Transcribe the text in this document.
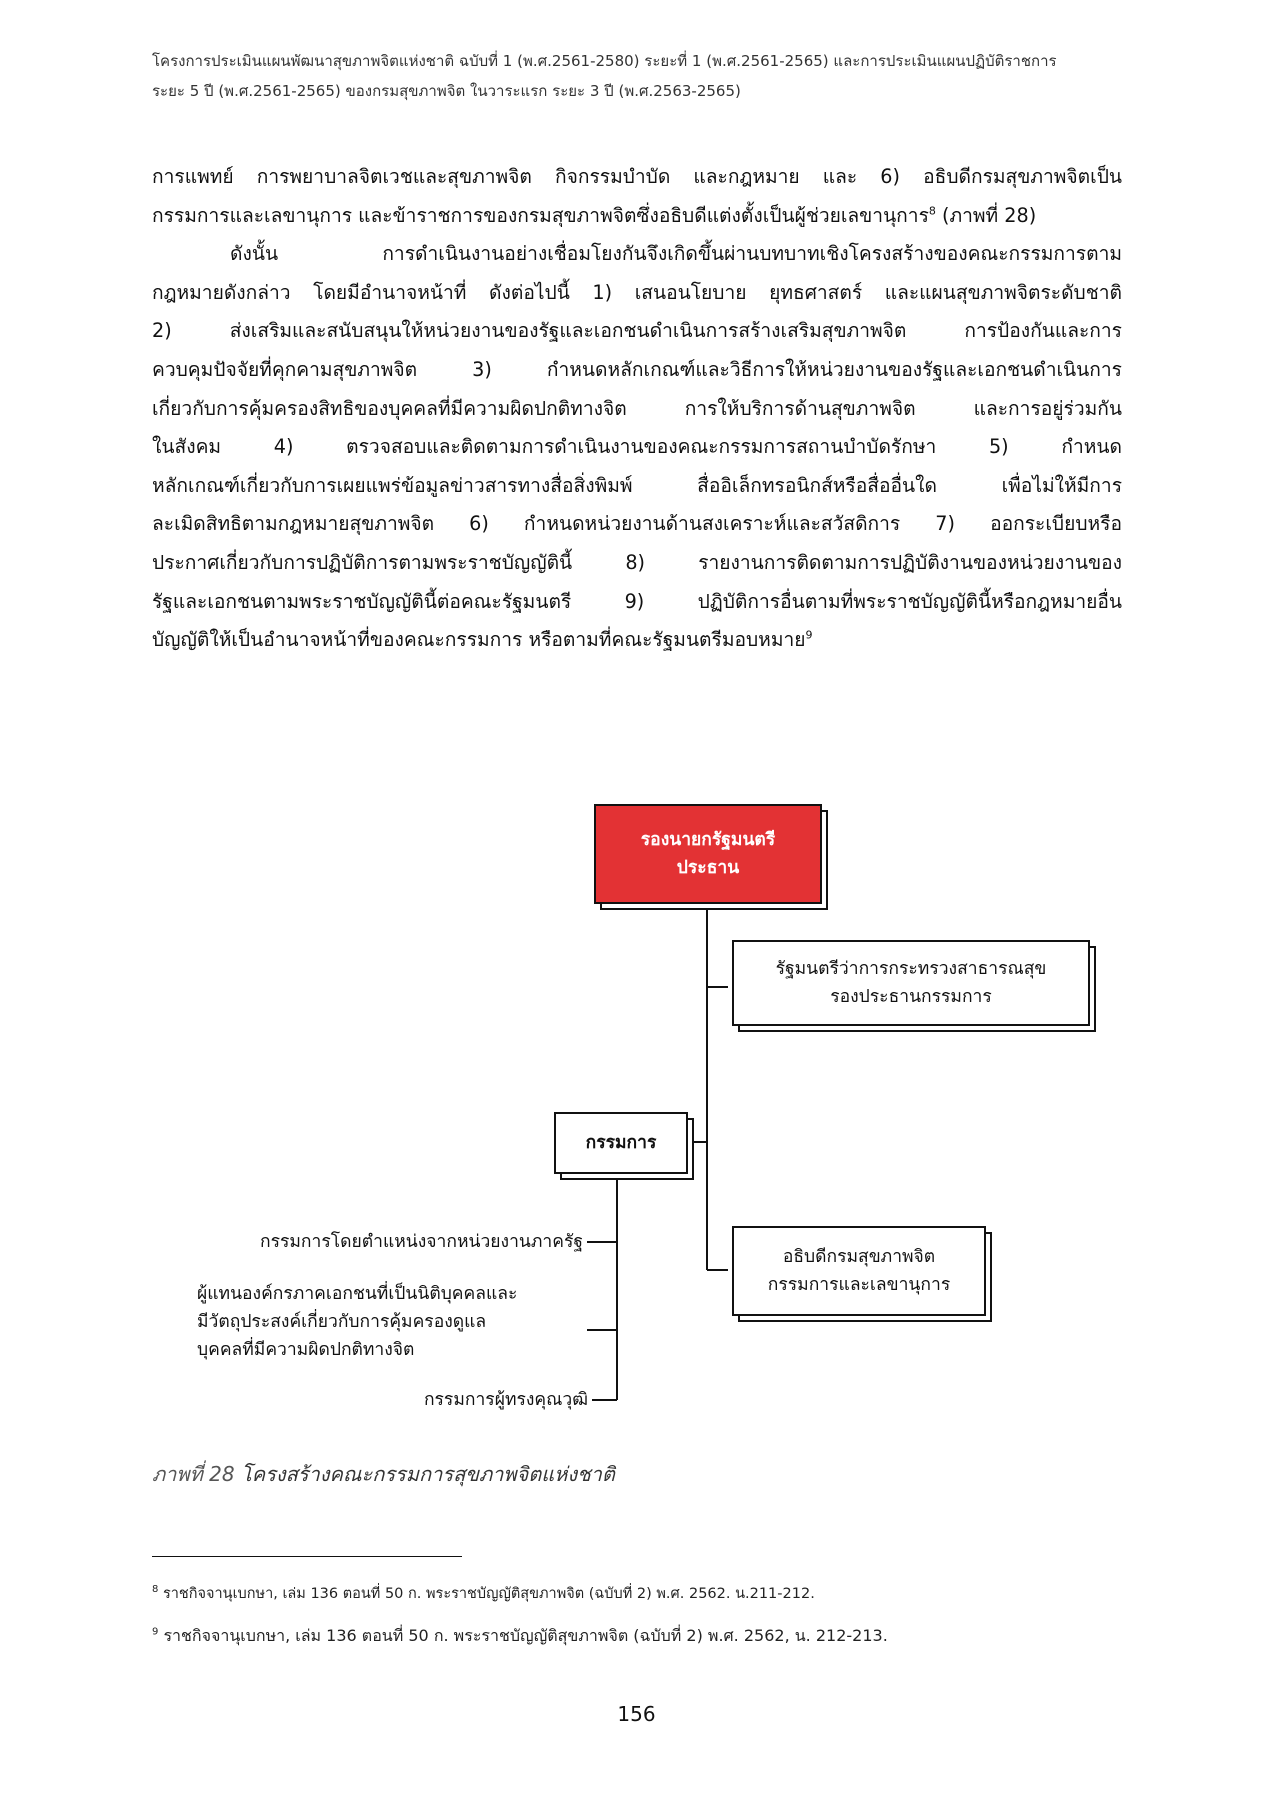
โครงการประเมินแผนพัฒนาสุขภาพจิตแห่งชาติ ฉบับที่ 1 (พ.ศ.2561-2580) ระยะที่ 1 (พ.ศ.2561-2565) และการประเมินแผนปฏิบัติราชการ
ระยะ 5 ปี (พ.ศ.2561-2565) ของกรมสุขภาพจิต ในวาระแรก ระยะ 3 ปี (พ.ศ.2563-2565)
การแพทย์ การพยาบาลจิตเวชและสุขภาพจิต กิจกรรมบำบัด และกฎหมาย และ 6) อธิบดีกรมสุขภาพจิตเป็น
กรรมการและเลขานุการ และข้าราชการของกรมสุขภาพจิตซึ่งอธิบดีแต่งตั้งเป็นผู้ช่วยเลขานุการ$^8$ (ภาพที่ 28)
ดังนั้น การดำเนินงานอย่างเชื่อมโยงกันจึงเกิดขึ้นผ่านบทบาทเชิงโครงสร้างของคณะกรรมการตาม
กฎหมายดังกล่าว โดยมีอำนาจหน้าที่ ดังต่อไปนี้ 1) เสนอนโยบาย ยุทธศาสตร์ และแผนสุขภาพจิตระดับชาติ
2) ส่งเสริมและสนับสนุนให้หน่วยงานของรัฐและเอกชนดำเนินการสร้างเสริมสุขภาพจิต การป้องกันและการ
ควบคุมปัจจัยที่คุกคามสุขภาพจิต 3) กำหนดหลักเกณฑ์และวิธีการให้หน่วยงานของรัฐและเอกชนดำเนินการ
เกี่ยวกับการคุ้มครองสิทธิของบุคคลที่มีความผิดปกติทางจิต การให้บริการด้านสุขภาพจิต และการอยู่ร่วมกัน
ในสังคม 4) ตรวจสอบและติดตามการดำเนินงานของคณะกรรมการสถานบำบัดรักษา 5) กำหนด
หลักเกณฑ์เกี่ยวกับการเผยแพร่ข้อมูลข่าวสารทางสื่อสิ่งพิมพ์ สื่ออิเล็กทรอนิกส์หรือสื่ออื่นใด เพื่อไม่ให้มีการ
ละเมิดสิทธิตามกฎหมายสุขภาพจิต 6) กำหนดหน่วยงานด้านสงเคราะห์และสวัสดิการ 7) ออกระเบียบหรือ
ประกาศเกี่ยวกับการปฏิบัติการตามพระราชบัญญัตินี้ 8) รายงานการติดตามการปฏิบัติงานของหน่วยงานของ
รัฐและเอกชนตามพระราชบัญญัตินี้ต่อคณะรัฐมนตรี 9) ปฏิบัติการอื่นตามที่พระราชบัญญัตินี้หรือกฎหมายอื่น
บัญญัติให้เป็นอำนาจหน้าที่ของคณะกรรมการ หรือตามที่คณะรัฐมนตรีมอบหมาย$^9$
รองนายกรัฐมนตรี
ประธาน
รัฐมนตรีว่าการกระทรวงสาธารณสุข
รองประธานกรรมการ
กรรมการ
อธิบดีกรมสุขภาพจิต
กรรมการและเลขานุการ
กรรมการโดยตำแหน่งจากหน่วยงานภาครัฐ
ผู้แทนองค์กรภาคเอกชนที่เป็นนิติบุคคลและ
มีวัตถุประสงค์เกี่ยวกับการคุ้มครองดูแล
บุคคลที่มีความผิดปกติทางจิต
กรรมการผู้ทรงคุณวุฒิ
ภาพที่ 28 โครงสร้างคณะกรรมการสุขภาพจิตแห่งชาติ
$^8$ ราชกิจจานุเบกษา, เล่ม 136 ตอนที่ 50 ก. พระราชบัญญัติสุขภาพจิต (ฉบับที่ 2) พ.ศ. 2562. น.211-212.
$^9$ ราชกิจจานุเบกษา, เล่ม 136 ตอนที่ 50 ก. พระราชบัญญัติสุขภาพจิต (ฉบับที่ 2) พ.ศ. 2562, น. 212-213.
156
